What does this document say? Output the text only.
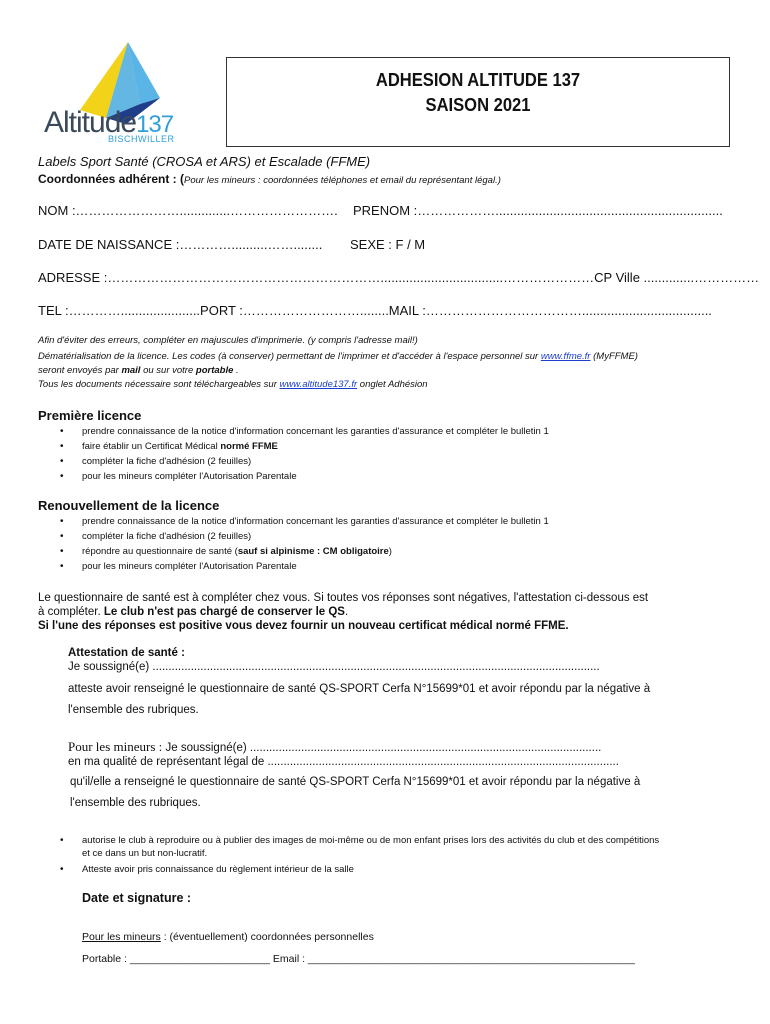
Altitude137
BISCHWILLER
ADHESION ALTITUDE 137
SAISON 2021
Labels Sport Santé (CROSA et ARS) et Escalade (FFME)
Coordonnées adhérent : (Pour les mineurs : coordonnées téléphones et email du représentant légal.)
NOM :……………………..............……………………. PRENOM :………………...............................................................
DATE DE NAISSANCE :…………..........……........ SEXE : F / M
ADRESSE :………………………………………………………..................................…………………CP Ville ..............……………
TEL :…………......................PORT :………………………........MAIL :………………………………....................................
Afin d'éviter des erreurs, compléter en majuscules d'imprimerie. (y compris l'adresse mail!)
Dématérialisation de la licence. Les codes (à conserver) permettant de l'imprimer et d'accéder à l'espace personnel sur www.ffme.fr (MyFFME)
seront envoyés par mail ou sur votre portable .
Tous les documents nécessaire sont téléchargeables sur www.altitude137.fr onglet Adhésion
Première licence
• prendre connaissance de la notice d'information concernant les garanties d'assurance et compléter le bulletin 1
• faire établir un Certificat Médical normé FFME
• compléter la fiche d'adhésion (2 feuilles)
• pour les mineurs compléter l'Autorisation Parentale
Renouvellement de la licence
• prendre connaissance de la notice d'information concernant les garanties d'assurance et compléter le bulletin 1
• compléter la fiche d'adhésion (2 feuilles)
• répondre au questionnaire de santé (sauf si alpinisme : CM obligatoire)
• pour les mineurs compléter l'Autorisation Parentale
Le questionnaire de santé est à compléter chez vous. Si toutes vos réponses sont négatives, l'attestation ci-dessous est
à compléter. Le club n'est pas chargé de conserver le QS.
Si l'une des réponses est positive vous devez fournir un nouveau certificat médical normé FFME.
Attestation de santé :
Je soussigné(e) ............................................................................................................................................
atteste avoir renseigné le questionnaire de santé QS-SPORT Cerfa N°15699*01 et avoir répondu par la négative à
l'ensemble des rubriques.
Pour les mineurs : Je soussigné(e) ..............................................................................................................
en ma qualité de représentant légal de ..............................................................................................................
qu'il/elle a renseigné le questionnaire de santé QS-SPORT Cerfa N°15699*01 et avoir répondu par la négative à
l'ensemble des rubriques.
• autorise le club à reproduire ou à publier des images de moi-même ou de mon enfant prises lors des activités du club et des compétitions
et ce dans un but non-lucratif.
• Atteste avoir pris connaissance du règlement intérieur de la salle
Date et signature :
Pour les mineurs : (éventuellement) coordonnées personnelles
Portable : ________________________ Email : ________________________________________________________
